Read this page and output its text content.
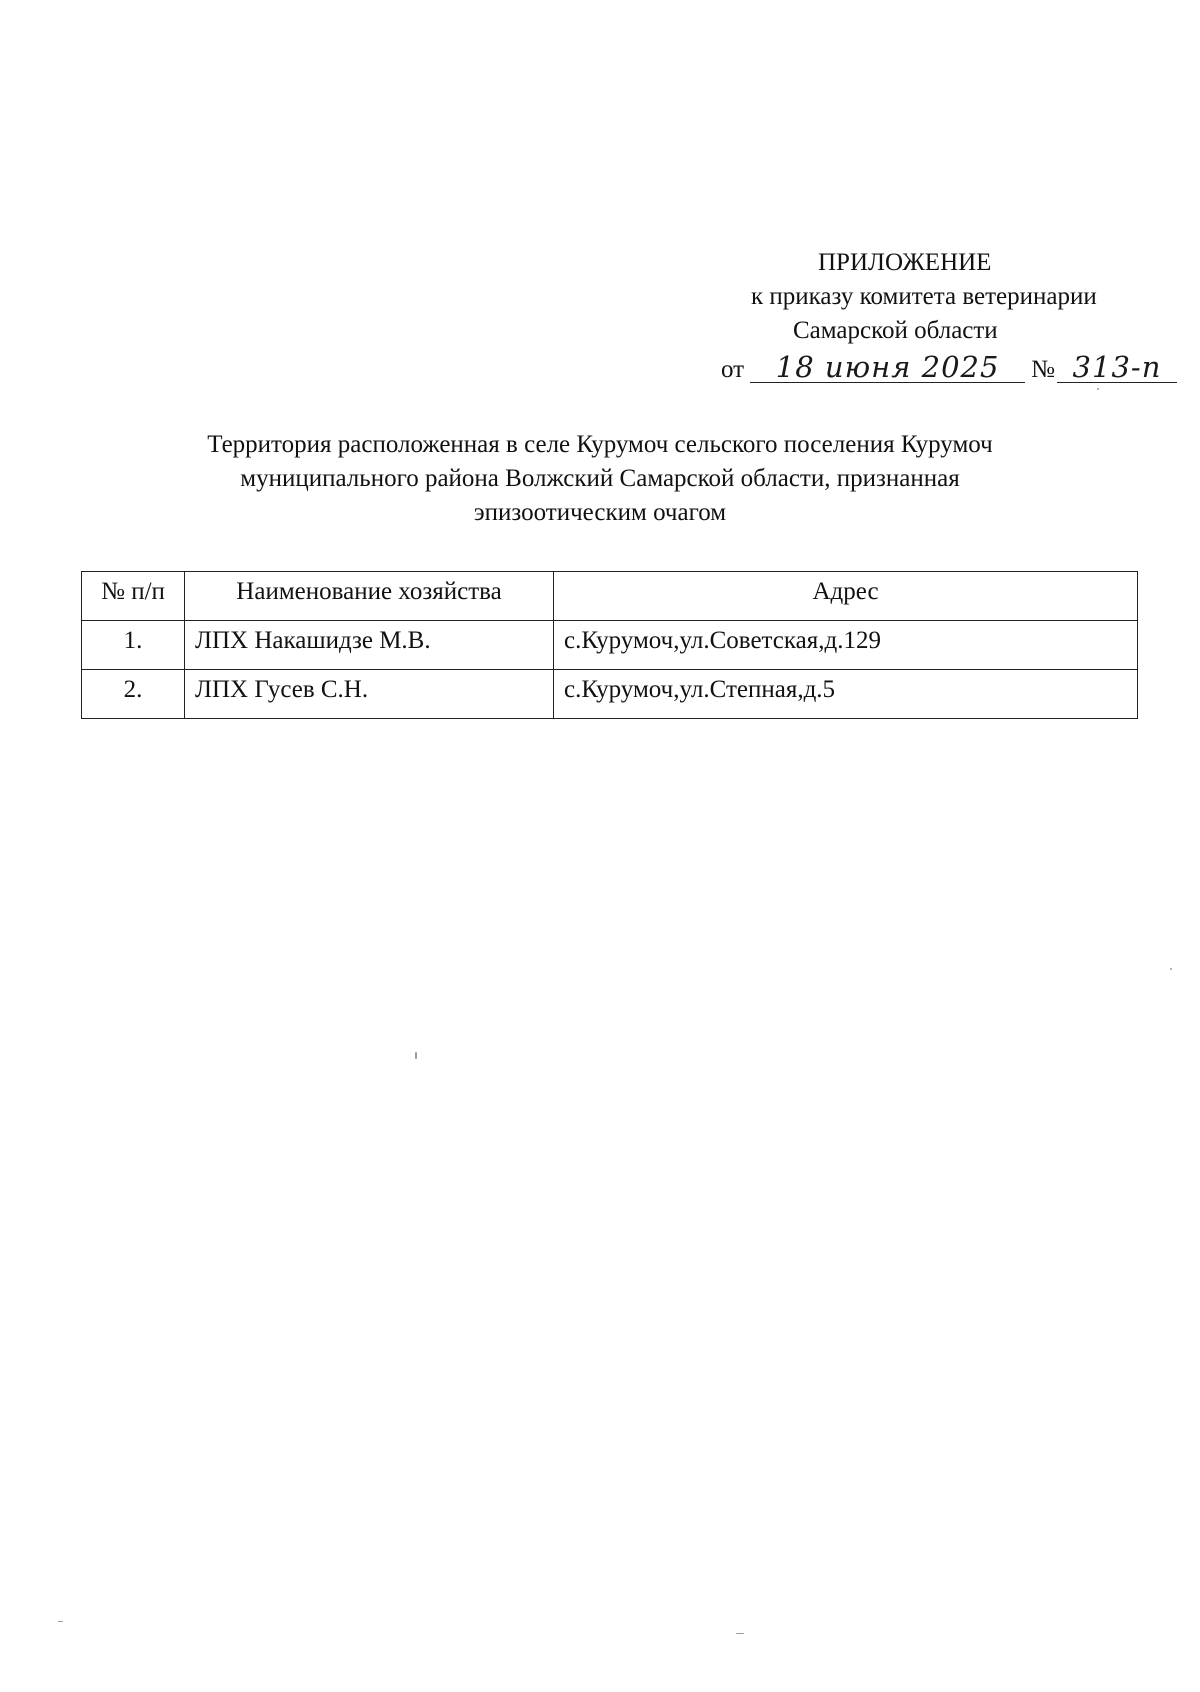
ПРИЛОЖЕНИЕ
к приказу комитета ветеринарии
Самарской области
от	18 июня 2025	№ 313-п
Территория расположенная в селе Курумоч сельского поселения Курумоч
муниципального района Волжский Самарской области, признанная
эпизоотическим очагом
№ п/п	Наименование хозяйства	Адрес
1.	ЛПХ Накашидзе М.В.	с.Курумоч,ул.Советская,д.129
2.	ЛПХ Гусев С.Н.	с.Курумоч,ул.Степная,д.5
